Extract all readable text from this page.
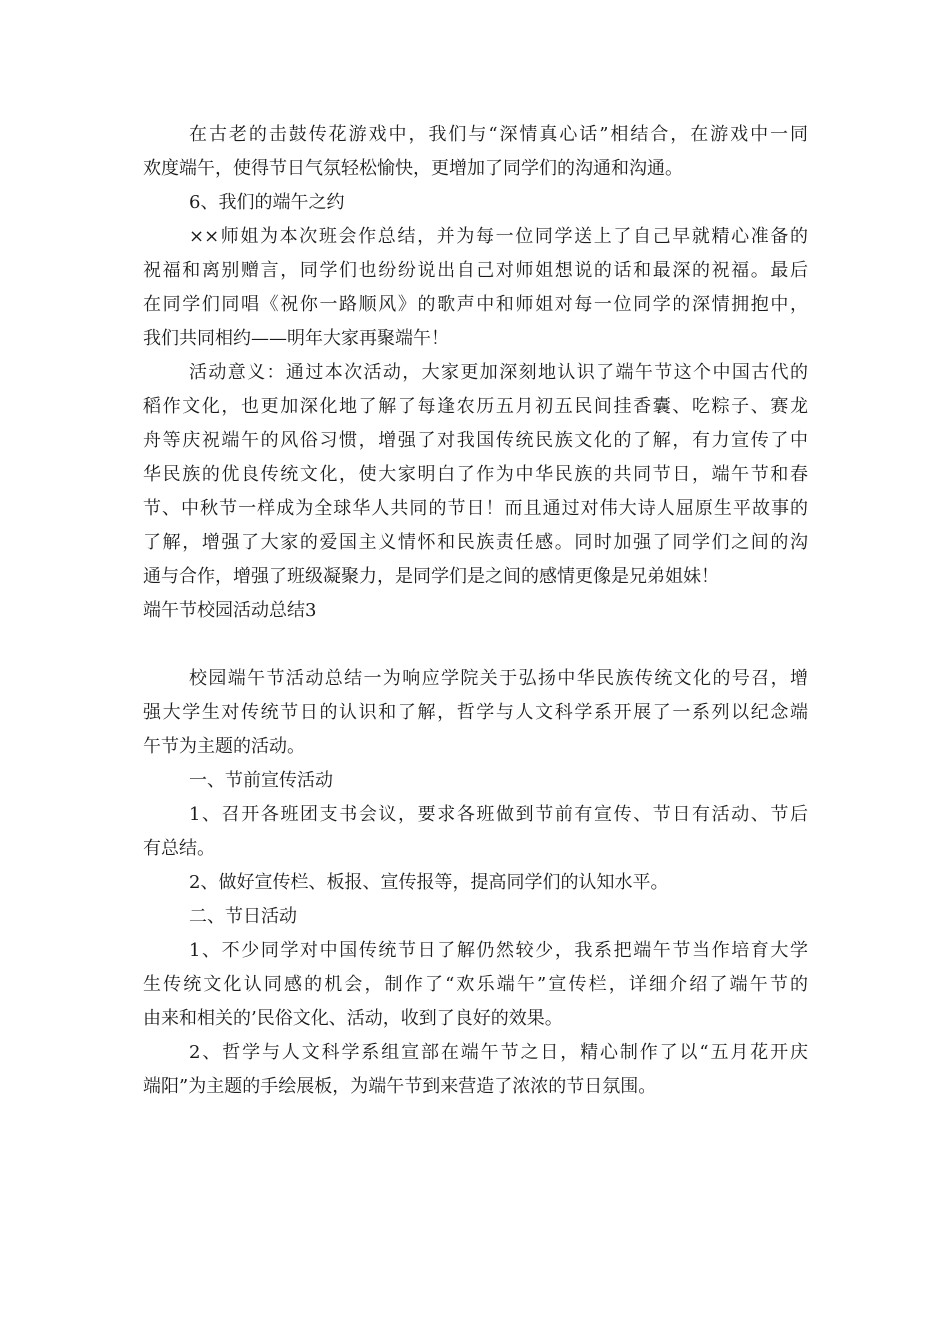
在古老的击鼓传花游戏中，我们与“深情真心话”相结合，在游戏中一同
欢度端午，使得节日气氛轻松愉快，更增加了同学们的沟通和沟通。
6、我们的端午之约
××师姐为本次班会作总结，并为每一位同学送上了自己早就精心准备的
祝福和离别赠言，同学们也纷纷说出自己对师姐想说的话和最深的祝福。最后
在同学们同唱《祝你一路顺风》的歌声中和师姐对每一位同学的深情拥抱中，
我们共同相约——明年大家再聚端午！
活动意义：通过本次活动，大家更加深刻地认识了端午节这个中国古代的
稻作文化，也更加深化地了解了每逢农历五月初五民间挂香囊、吃粽子、赛龙
舟等庆祝端午的风俗习惯，增强了对我国传统民族文化的了解，有力宣传了中
华民族的优良传统文化，使大家明白了作为中华民族的共同节日，端午节和春
节、中秋节一样成为全球华人共同的节日！而且通过对伟大诗人屈原生平故事的
了解，增强了大家的爱国主义情怀和民族责任感。同时加强了同学们之间的沟
通与合作，增强了班级凝聚力，是同学们是之间的感情更像是兄弟姐妹！
端午节校园活动总结3
校园端午节活动总结一为响应学院关于弘扬中华民族传统文化的号召，增
强大学生对传统节日的认识和了解，哲学与人文科学系开展了一系列以纪念端
午节为主题的活动。
一、节前宣传活动
1、召开各班团支书会议，要求各班做到节前有宣传、节日有活动、节后
有总结。
2、做好宣传栏、板报、宣传报等，提高同学们的认知水平。
二、节日活动
1、不少同学对中国传统节日了解仍然较少，我系把端午节当作培育大学
生传统文化认同感的机会，制作了“欢乐端午”宣传栏，详细介绍了端午节的
由来和相关的’民俗文化、活动，收到了良好的效果。
2、哲学与人文科学系组宣部在端午节之日，精心制作了以“五月花开庆
端阳”为主题的手绘展板，为端午节到来营造了浓浓的节日氛围。
